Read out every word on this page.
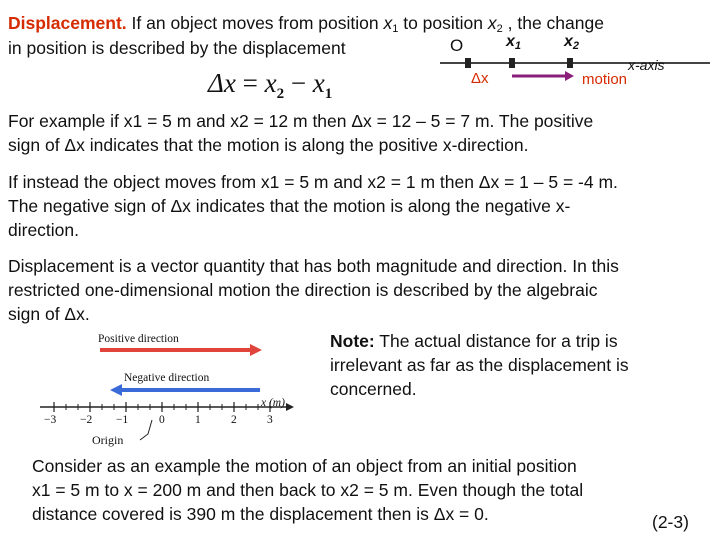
Displacement. If an object moves from position $x_1$ to position $x_2$ , the change
in position is described by the displacement	O	$x_1$	$x_2$
x-axis
Δx	motion
$\Delta x = x_2 - x_1$
For example if x1 = 5 m and x2 = 12 m then Δx = 12 – 5 = 7 m. The positive
sign of Δx indicates that the motion is along the positive x-direction.
If instead the object moves from x1 = 5 m and x2 = 1 m then Δx = 1 – 5 = -4 m.
The negative sign of Δx indicates that the motion is along the negative x-
direction.
Displacement is a vector quantity that has both magnitude and direction. In this
restricted one-dimensional motion the direction is described by the algebraic
sign of Δx.
Note: The actual distance for a trip is
irrelevant as far as the displacement is
concerned.
Positive direction
Negative direction
−3 −2 −1	0	1	2	3
x (m)
Origin
Consider as an example the motion of an object from an initial position
x1 = 5 m to x = 200 m and then back to x2 = 5 m. Even though the total
distance covered is 390 m the displacement then is Δx = 0.	(2-3)
